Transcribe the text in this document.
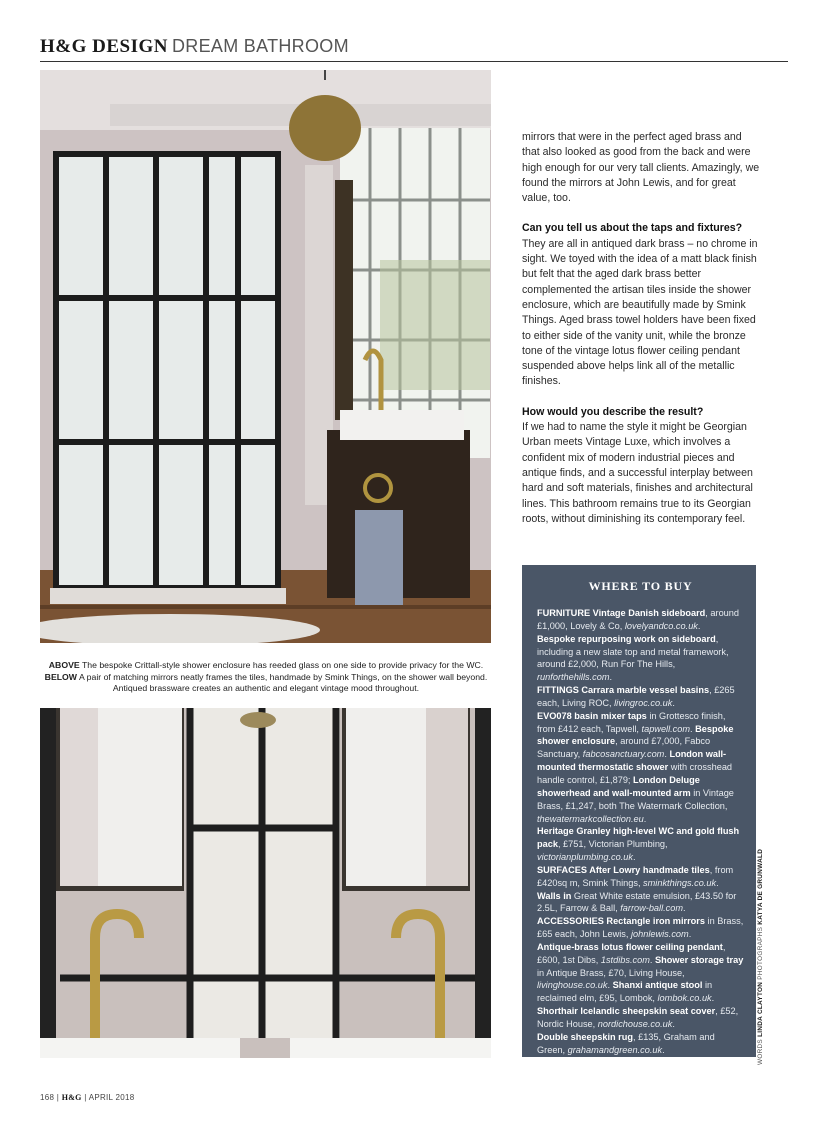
H&G DESIGN DREAM BATHROOM
ABOVE The bespoke Crittall-style shower enclosure has reeded glass on one side to provide privacy for the WC. BELOW A pair of matching mirrors neatly frames the tiles, handmade by Smink Things, on the shower wall beyond. Antiqued brassware creates an authentic and elegant vintage mood throughout.

mirrors that were in the perfect aged brass and that also looked as good from the back and were high enough for our very tall clients. Amazingly, we found the mirrors at John Lewis, and for great value, too.

Can you tell us about the taps and fixtures?

They are all in antiqued dark brass – no chrome in sight. We toyed with the idea of a matt black finish but felt that the aged dark brass better complemented the artisan tiles inside the shower enclosure, which are beautifully made by Smink Things. Aged brass towel holders have been fixed to either side of the vanity unit, while the bronze tone of the vintage lotus flower ceiling pendant suspended above helps link all of the metallic finishes.

How would you describe the result?

If we had to name the style it might be Georgian Urban meets Vintage Luxe, which involves a confident mix of modern industrial pieces and antique finds, and a successful interplay between hard and soft materials, finishes and architectural lines. This bathroom remains true to its Georgian roots, without diminishing its contemporary feel.

WHERE TO BUY
FURNITURE Vintage Danish sideboard, around £1,000, Lovely & Co, lovelyandco.co.uk.
Bespoke repurposing work on sideboard, including a new slate top and metal framework, around £2,000, Run For The Hills, runforthehills.com.
FITTINGS Carrara marble vessel basins, £265 each, Living ROC, livingroc.co.uk.
EVO078 basin mixer taps in Grottesco finish, from £412 each, Tapwell, tapwell.com. Bespoke shower enclosure, around £7,000, Fabco Sanctuary, fabcosanctuary.com. London wall-mounted thermostatic shower with crosshead handle control, £1,879; London Deluge showerhead and wall-mounted arm in Vintage Brass, £1,247, both The Watermark Collection, thewatermarkcollection.eu.
Heritage Granley high-level WC and gold flush pack, £751, Victorian Plumbing, victorianplumbing.co.uk.
SURFACES After Lowry handmade tiles, from £420sq m, Smink Things, sminkthings.co.uk.
Walls in Great White estate emulsion, £43.50 for 2.5L, Farrow & Ball, farrow-ball.com.
ACCESSORIES Rectangle iron mirrors in Brass, £65 each, John Lewis, johnlewis.com.
Antique-brass lotus flower ceiling pendant, £600, 1st Dibs, 1stdibs.com. Shower storage tray in Antique Brass, £70, Living House, livinghouse.co.uk. Shanxi antique stool in reclaimed elm, £95, Lombok, lombok.co.uk.
Shorthair Icelandic sheepskin seat cover, £52, Nordic House, nordichouse.co.uk.
Double sheepskin rug, £135, Graham and Green, grahamandgreen.co.uk.	WORDS LINDA CLAYTON PHOTOGRAPHS KATYA DE GRUNWALD
168 | H&G | APRIL 2018
